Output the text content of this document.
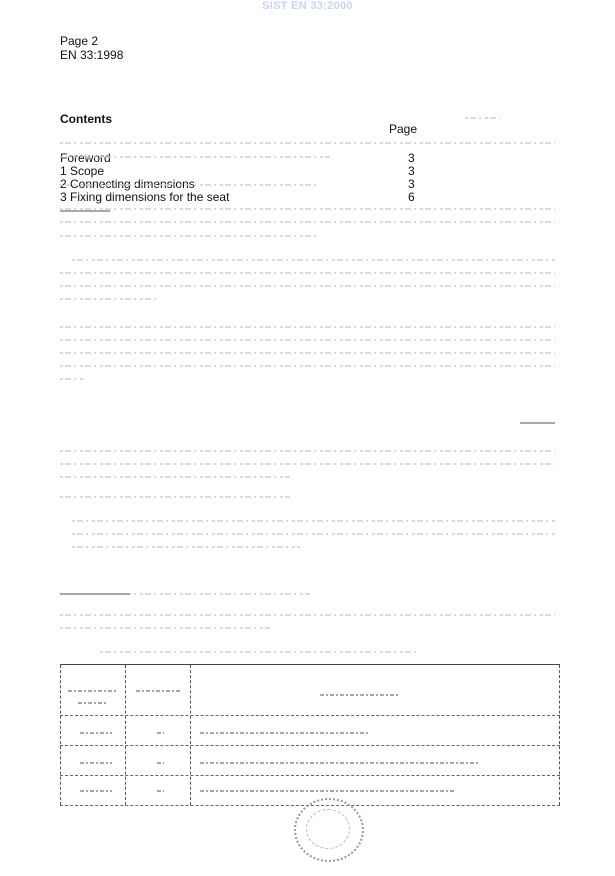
SIST EN 33:2000
Page 2
EN 33:1998
Contents
Page
Foreword	3
1 Scope	3
2 Connecting dimensions	3
3 Fixing dimensions for the seat	6
